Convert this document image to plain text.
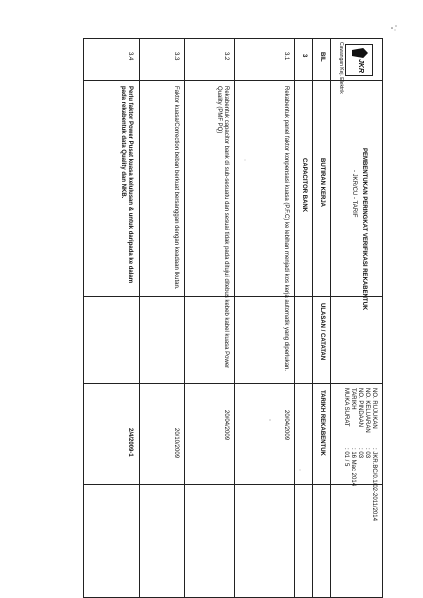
JKR
Cawangan Kej. Elektrik
PEMBENTUKAN PERINGKAT VERIFIKASI REKABENTUK
- JKR/CU - TARIF
NO. RUJUKAN
NO. KELUARAN
NO. PINDAAN
TARIKH
MUKA SURAT
: JKR.BC/0.1/02-2011/2014
: 03
: 03
: 16 Mac 2014
: 01 / 5
BIL
BUTIRAN KERJA
ULASAN / CATATAN
TARIKH REKABENTUK
3
CAPACITOR BANK
3.1
Rekabentuk panel faktor konpensasi kuasa (P.F.C) ke lebihan menjadi kos kerja automatik yang diperlukan.
20/04/2009
3.2
Rekabentuk capacitor bank di sub-sesuatu dan sesuai tidak pada ditujui ditebus kebeb kabel kuasa Power Quality (PMF PQ)
20/04/2009
3.3
Faktor kuasa/Correction beban berkuat bersanggan dengan keadaan Ikutan.
20/10/2009
3.4
Perlu faktor Power Pusat kuasa kelulusan & untuk daripada ke dalam pada rekabentuk data Quality dan NKB.
2/4/2009-1
